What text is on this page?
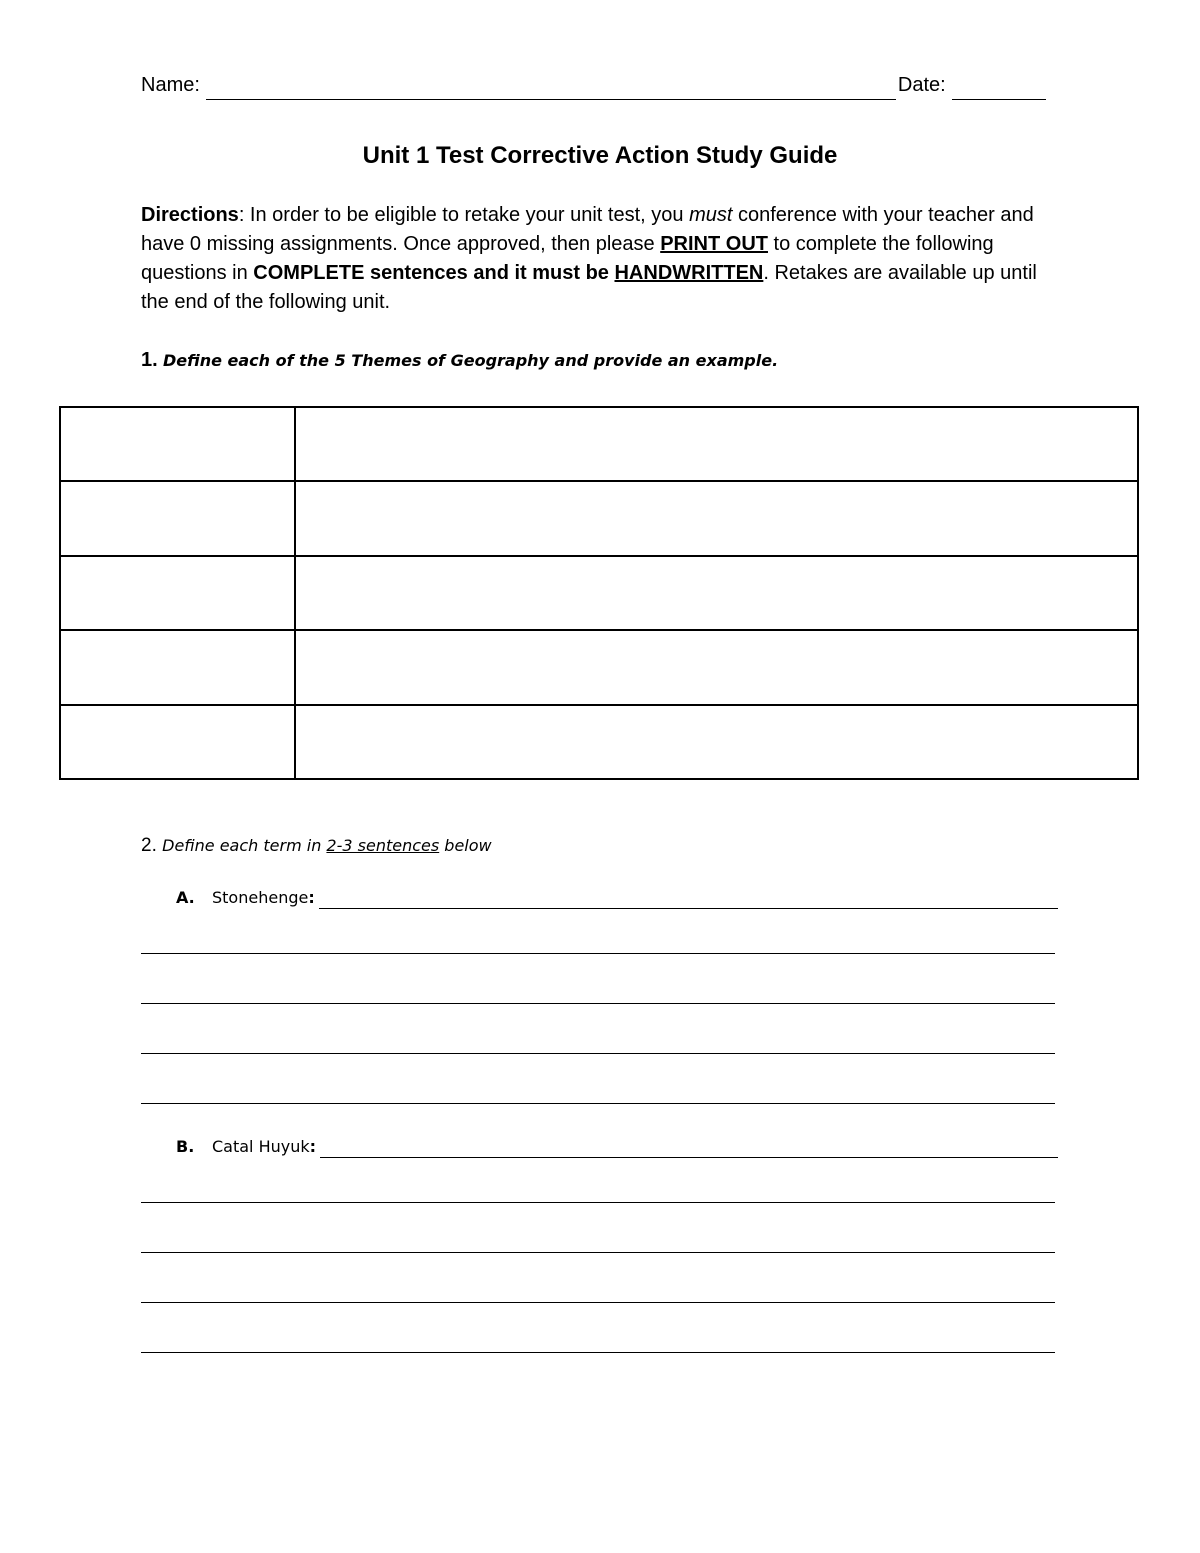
Name:	Date:
Unit 1 Test Corrective Action Study Guide
Directions: In order to be eligible to retake your unit test, you must conference with your teacher and have 0 missing assignments. Once approved, then please PRINT OUT to complete the following questions in COMPLETE sentences and it must be HANDWRITTEN. Retakes are available up until the end of the following unit.
1. Define each of the 5 Themes of Geography and provide an example.

2. Define each term in 2-3 sentences below
A.	Stonehenge :
B.	Catal Huyuk :
